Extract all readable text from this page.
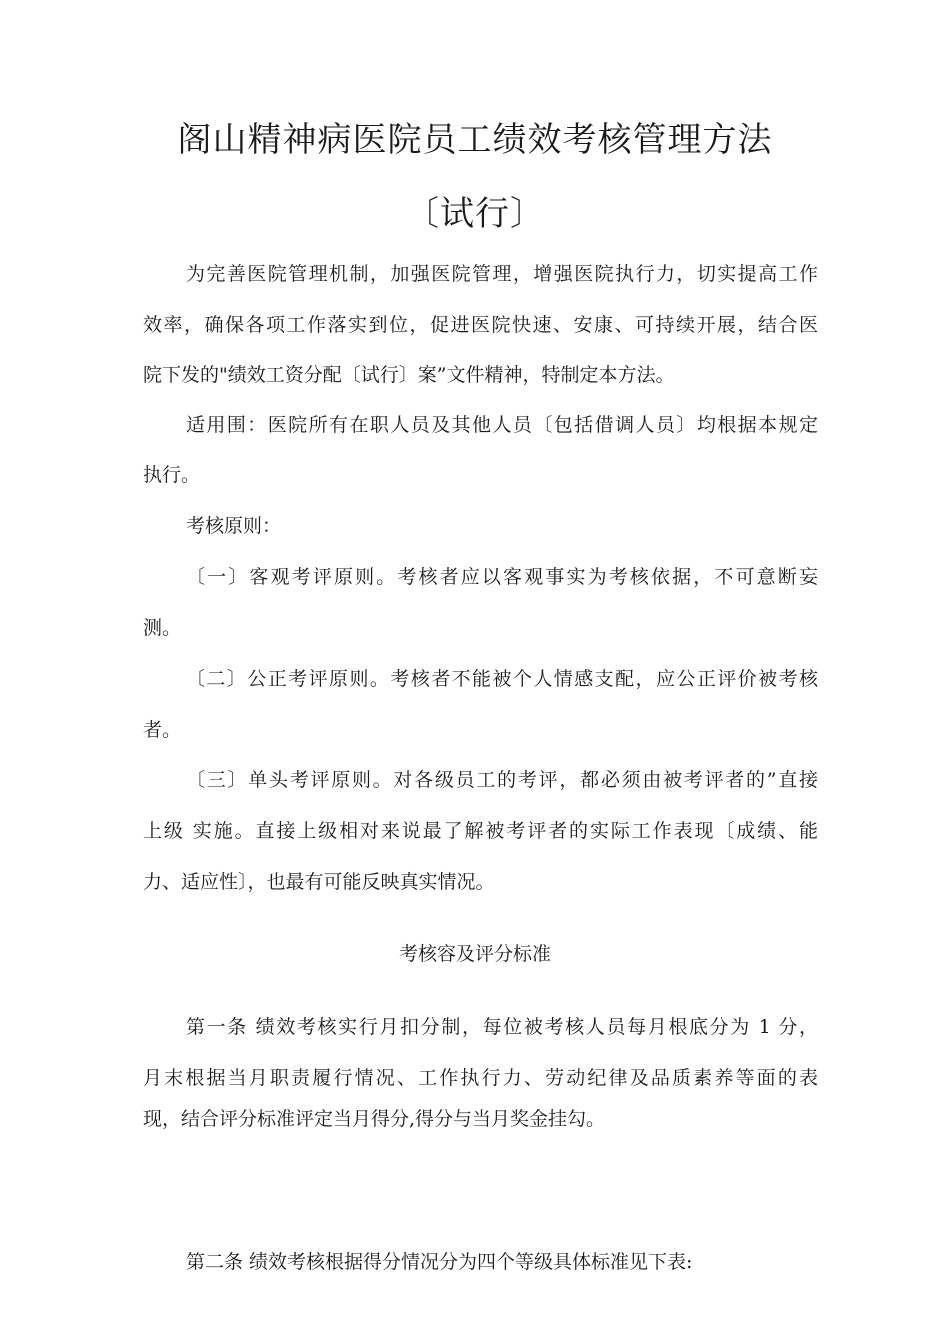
阁山精神病医院员工绩效考核管理方法
〔试行〕
为完善医院管理机制，加强医院管理，增强医院执行力，切实提高工作
效率，确保各项工作落实到位，促进医院快速、安康、可持续开展，结合医
院下发的"绩效工资分配〔试行〕案”文件精神，特制定本方法。
适用围：医院所有在职人员及其他人员〔包括借调人员〕均根据本规定
执行。
考核原则：
〔一〕客观考评原则。考核者应以客观事实为考核依据，不可意断妄
测。
〔二〕公正考评原则。考核者不能被个人情感支配，应公正评价被考核
者。
〔三〕单头考评原则。对各级员工的考评，都必须由被考评者的”直接
上级 实施。直接上级相对来说最了解被考评者的实际工作表现〔成绩、能
力、适应性〕，也最有可能反映真实情况。
考核容及评分标准
第一条 绩效考核实行月扣分制，每位被考核人员每月根底分为 1 分，
月末根据当月职责履行情况、工作执行力、劳动纪律及品质素养等面的表
现，结合评分标准评定当月得分,得分与当月奖金挂勾。
第二条 绩效考核根据得分情况分为四个等级具体标准见下表:
